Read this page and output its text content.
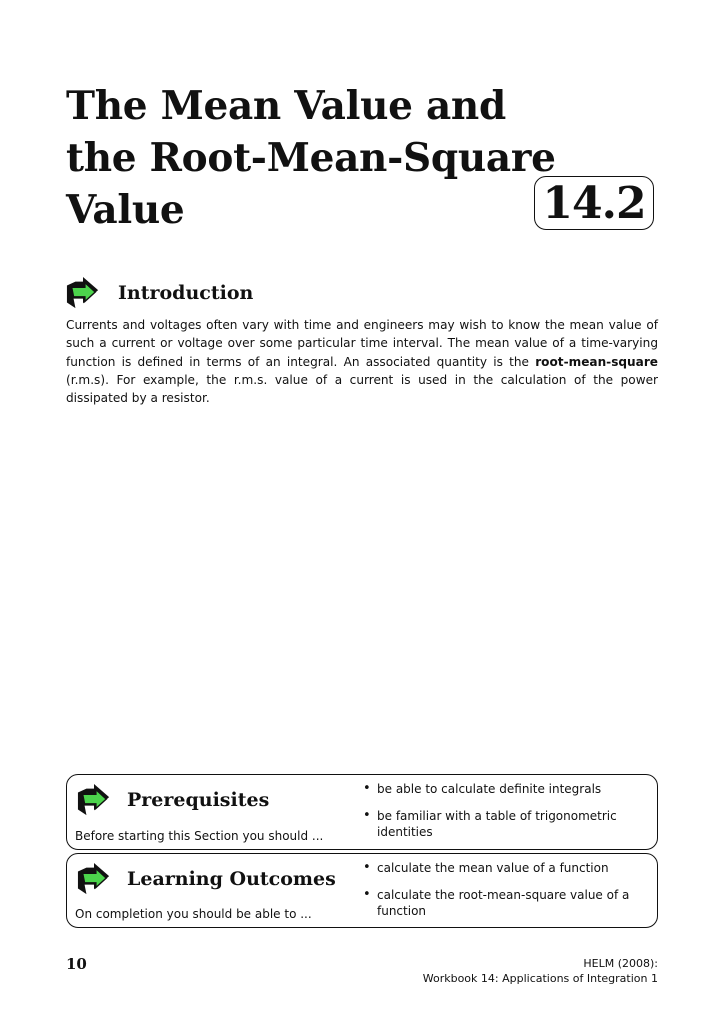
The Mean Value and
the Root-Mean-Square
Value	14.2
Introduction

Currents and voltages often vary with time and engineers may wish to know the mean value of such a current or voltage over some particular time interval. The mean value of a time-varying function is defined in terms of an integral. An associated quantity is the root-mean-square (r.m.s). For example, the r.m.s. value of a current is used in the calculation of the power dissipated by a resistor.

Prerequisites
Before starting this Section you should ...
• be able to calculate definite integrals
• be familiar with a table of trigonometric identities
Learning Outcomes
On completion you should be able to ...
• calculate the mean value of a function
• calculate the root-mean-square value of a function
10	HELM (2008):
Workbook 14: Applications of Integration 1
